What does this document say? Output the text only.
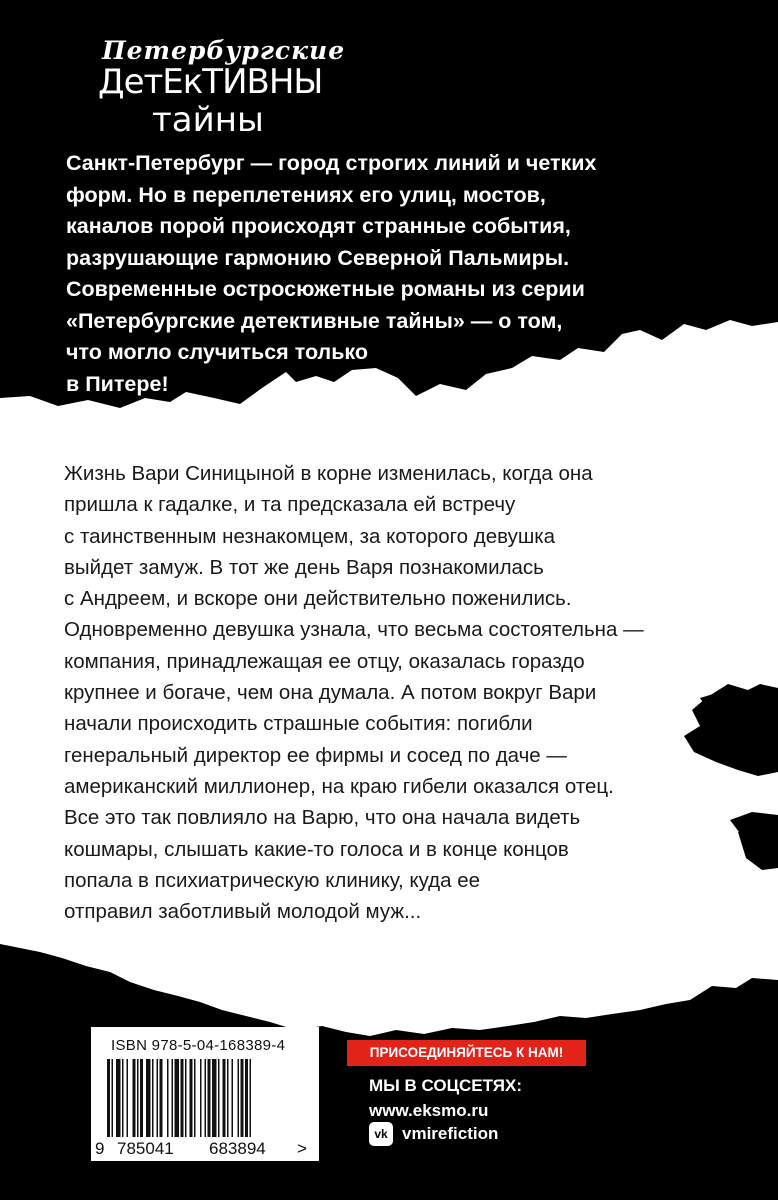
Петербургские
ДетЕкТИВНЫ
тайны

Санкт-Петербург — город строгих линий и четких
форм. Но в переплетениях его улиц, мостов,
каналов порой происходят странные события,
разрушающие гармонию Северной Пальмиры.
Современные остросюжетные романы из серии
«Петербургские детективные тайны» — о том,
что могло случиться только
в Питере!

Жизнь Вари Синицыной в корне изменилась, когда она
пришла к гадалке, и та предсказала ей встречу
с таинственным незнакомцем, за которого девушка
выйдет замуж. В тот же день Варя познакомилась
с Андреем, и вскоре они действительно поженились.
Одновременно девушка узнала, что весьма состоятельна —
компания, принадлежащая ее отцу, оказалась гораздо
крупнее и богаче, чем она думала. А потом вокруг Вари
начали происходить страшные события: погибли
генеральный директор ее фирмы и сосед по даче —
американский миллионер, на краю гибели оказался отец.
Все это так повлияло на Варю, что она начала видеть
кошмары, слышать какие-то голоса и в конце концов
попала в психиатрическую клинику, куда ее
отправил заботливый молодой муж...

ISBN 978-5-04-168389-4
9 785041 683894 >
ПРИСОЕДИНЯЙТЕСЬ К НАМ!
МЫ В СОЦСЕТЯХ:
www.eksmo.ru
vk vmirefiction
